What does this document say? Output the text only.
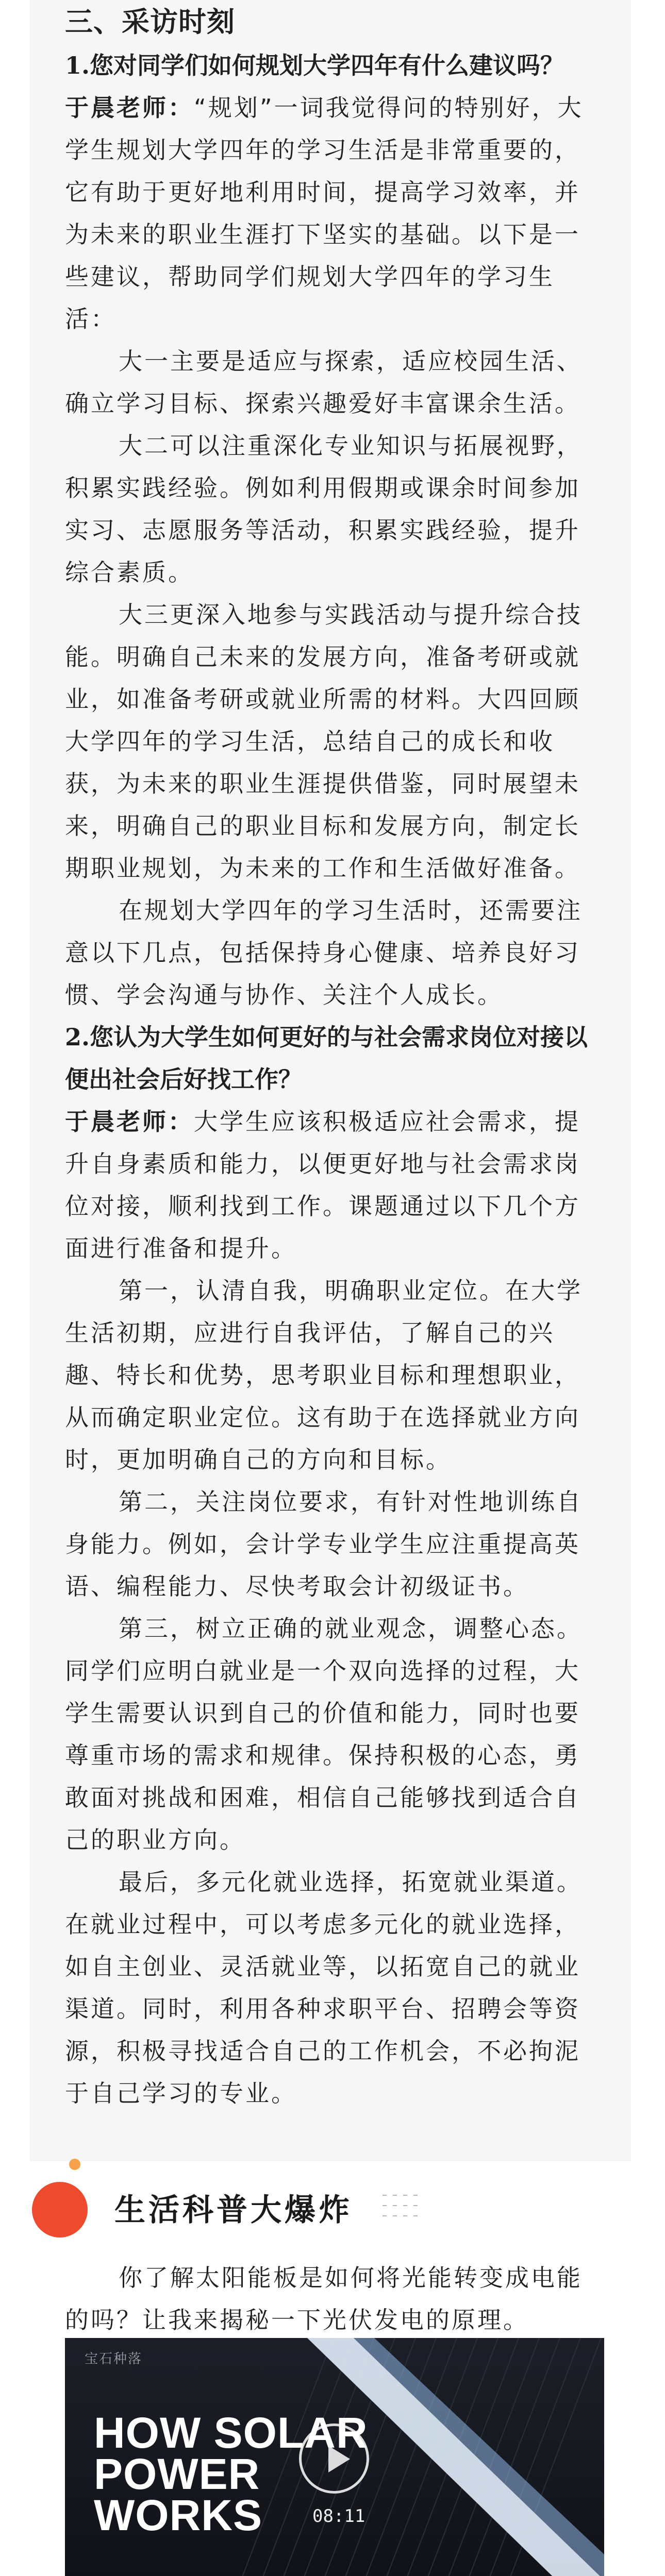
三、采访时刻

1.您对同学们如何规划大学四年有什么建议吗？

于晨老师：“规划”一词我觉得问的特别好，大学生规划大学四年的学习生活是非常重要的，它有助于更好地利用时间，提高学习效率，并为未来的职业生涯打下坚实的基础。以下是一些建议，帮助同学们规划大学四年的学习生活：

大一主要是适应与探索，适应校园生活、确立学习目标、探索兴趣爱好丰富课余生活。

大二可以注重深化专业知识与拓展视野，积累实践经验。例如利用假期或课余时间参加实习、志愿服务等活动，积累实践经验，提升综合素质。

大三更深入地参与实践活动与提升综合技能。明确自己未来的发展方向，准备考研或就业，如准备考研或就业所需的材料。大四回顾大学四年的学习生活，总结自己的成长和收获，为未来的职业生涯提供借鉴，同时展望未来，明确自己的职业目标和发展方向，制定长期职业规划，为未来的工作和生活做好准备。

在规划大学四年的学习生活时，还需要注意以下几点，包括保持身心健康、培养良好习惯、学会沟通与协作、关注个人成长。

2.您认为大学生如何更好的与社会需求岗位对接以便出社会后好找工作？

于晨老师：大学生应该积极适应社会需求，提升自身素质和能力，以便更好地与社会需求岗位对接，顺利找到工作。课题通过以下几个方面进行准备和提升。

第一，认清自我，明确职业定位。在大学生活初期，应进行自我评估，了解自己的兴趣、特长和优势，思考职业目标和理想职业，从而确定职业定位。这有助于在选择就业方向时，更加明确自己的方向和目标。

第二，关注岗位要求，有针对性地训练自身能力。例如，会计学专业学生应注重提高英语、编程能力、尽快考取会计初级证书。

第三，树立正确的就业观念，调整心态。同学们应明白就业是一个双向选择的过程，大学生需要认识到自己的价值和能力，同时也要尊重市场的需求和规律。保持积极的心态，勇敢面对挑战和困难，相信自己能够找到适合自己的职业方向。

最后，多元化就业选择，拓宽就业渠道。在就业过程中，可以考虑多元化的就业选择，如自主创业、灵活就业等，以拓宽自己的就业渠道。同时，利用各种求职平台、招聘会等资源，积极寻找适合自己的工作机会，不必拘泥于自己学习的专业。

生活科普大爆炸

你了解太阳能板是如何将光能转变成电能的吗？让我来揭秘一下光伏发电的原理。

宝石种落
HOW SOLAR POWER WORKS	08:11
